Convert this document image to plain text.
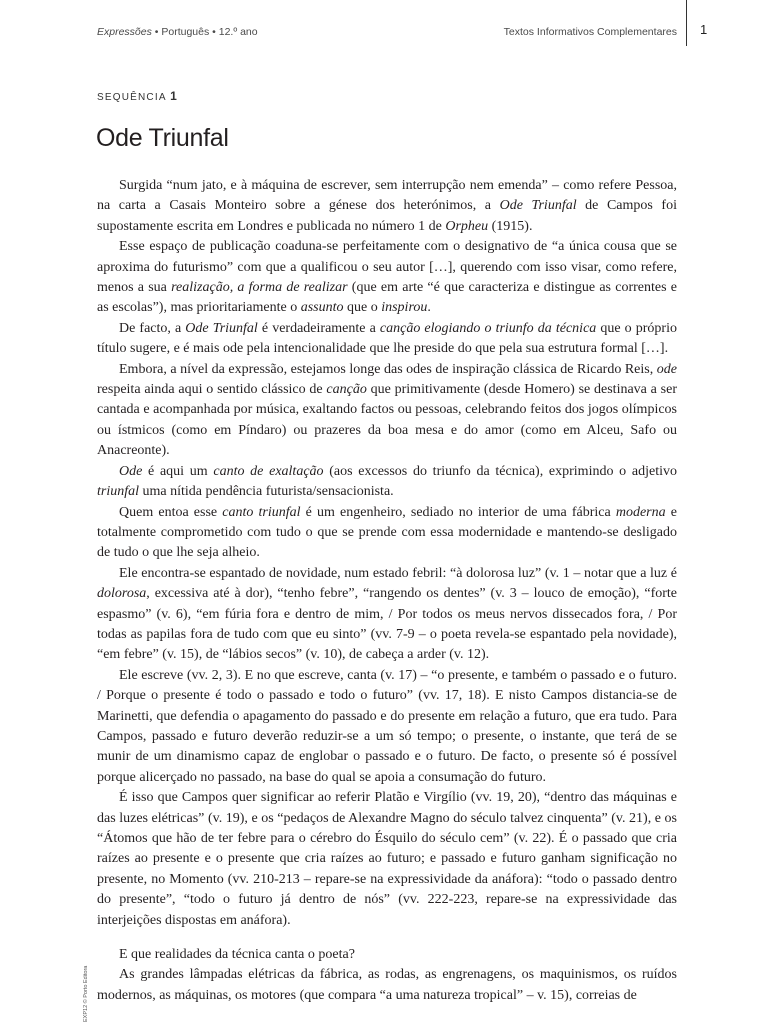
Expressões • Português • 12.º ano	Textos Informativos Complementares 1
SEQUÊNCIA 1
Ode Triunfal

Surgida “num jato, e à máquina de escrever, sem interrupção nem emenda” – como refere Pessoa, na carta a Casais Monteiro sobre a génese dos heterónimos, a Ode Triunfal de Campos foi supostamente escrita em Londres e publicada no número 1 de Orpheu (1915).

Esse espaço de publicação coaduna-se perfeitamente com o designativo de “a única cousa que se aproxima do futurismo” com que a qualificou o seu autor […], querendo com isso visar, como refere, menos a sua realização, a forma de realizar (que em arte “é que caracteriza e distingue as correntes e as escolas”), mas prioritariamente o assunto que o inspirou.

De facto, a Ode Triunfal é verdadeiramente a canção elogiando o triunfo da técnica que o próprio título sugere, e é mais ode pela intencionalidade que lhe preside do que pela sua estrutura formal […].

Embora, a nível da expressão, estejamos longe das odes de inspiração clássica de Ricardo Reis, ode respeita ainda aqui o sentido clássico de canção que primitivamente (desde Homero) se destinava a ser cantada e acompanhada por música, exaltando factos ou pessoas, celebrando feitos dos jogos olímpicos ou ístmicos (como em Píndaro) ou prazeres da boa mesa e do amor (como em Alceu, Safo ou Anacreonte).

Ode é aqui um canto de exaltação (aos excessos do triunfo da técnica), exprimindo o adjetivo triunfal uma nítida pendência futurista/sensacionista.

Quem entoa esse canto triunfal é um engenheiro, sediado no interior de uma fábrica moderna e totalmente comprometido com tudo o que se prende com essa modernidade e mantendo-se desligado de tudo o que lhe seja alheio.

Ele encontra-se espantado de novidade, num estado febril: “à dolorosa luz” (v. 1 – notar que a luz é dolorosa, excessiva até à dor), “tenho febre”, “rangendo os dentes” (v. 3 – louco de emoção), “forte espasmo” (v. 6), “em fúria fora e dentro de mim, / Por todos os meus nervos dissecados fora, / Por todas as papilas fora de tudo com que eu sinto” (vv. 7-9 – o poeta revela-se espantado pela novidade), “em febre” (v. 15), de “lábios secos” (v. 10), de cabeça a arder (v. 12).

Ele escreve (vv. 2, 3). E no que escreve, canta (v. 17) – “o presente, e também o passado e o futuro. / Porque o presente é todo o passado e todo o futuro” (vv. 17, 18). E nisto Campos distancia-se de Marinetti, que defendia o apagamento do passado e do presente em relação a futuro, que era tudo. Para Campos, passado e futuro deverão reduzir-se a um só tempo; o presente, o instante, que terá de se munir de um dinamismo capaz de englobar o passado e o futuro. De facto, o presente só é possível porque alicerçado no passado, na base do qual se apoia a consumação do futuro.

É isso que Campos quer significar ao referir Platão e Virgílio (vv. 19, 20), “dentro das máquinas e das luzes elétricas” (v. 19), e os “pedaços de Alexandre Magno do século talvez cinquenta” (v. 21), e os “Átomos que hão de ter febre para o cérebro do Ésquilo do século cem” (v. 22). É o passado que cria raízes ao presente e o presente que cria raízes ao futuro; e passado e futuro ganham significação no presente, no Momento (vv. 210-213 – repare-se na expressividade da anáfora): “todo o passado dentro do presente”, “todo o futuro já dentro de nós” (vv. 222-223, repare-se na expressividade das interjeições dispostas em anáfora).

E que realidades da técnica canta o poeta?

As grandes lâmpadas elétricas da fábrica, as rodas, as engrenagens, os maquinismos, os ruídos modernos, as máquinas, os motores (que compara “a uma natureza tropical” – v. 15), correias de

EXP12 © Porto Editora
